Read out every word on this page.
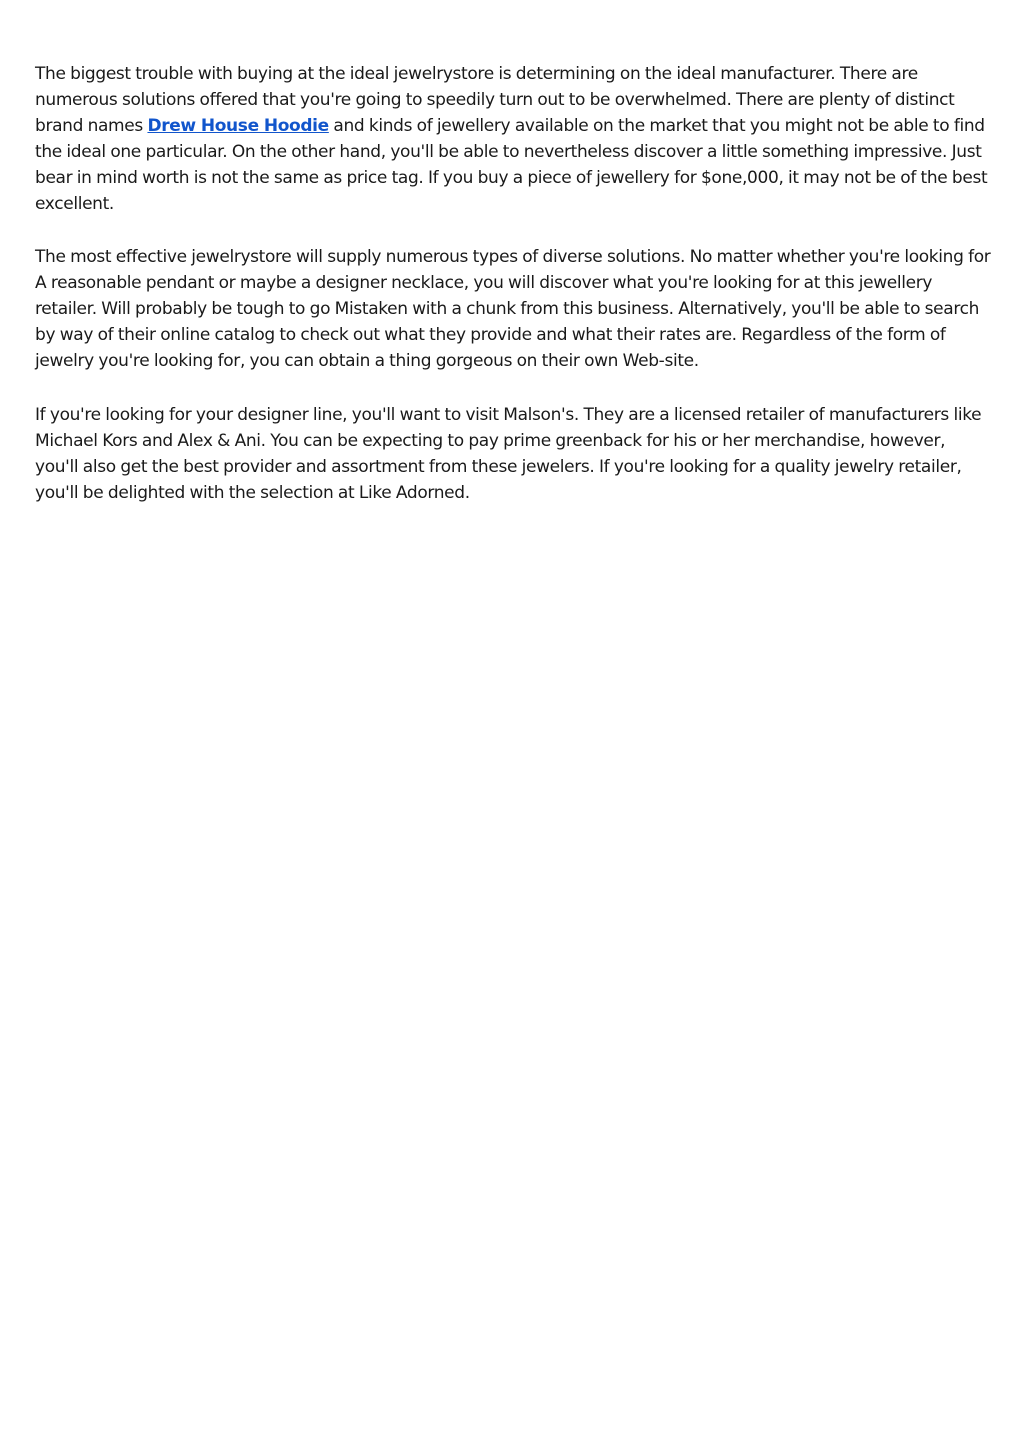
The biggest trouble with buying at the ideal jewelrystore is determining on the ideal manufacturer. There are numerous solutions offered that you're going to speedily turn out to be overwhelmed. There are plenty of distinct brand names Drew House Hoodie and kinds of jewellery available on the market that you might not be able to find the ideal one particular. On the other hand, you'll be able to nevertheless discover a little something impressive. Just bear in mind worth is not the same as price tag. If you buy a piece of jewellery for $one,000, it may not be of the best excellent.

The most effective jewelrystore will supply numerous types of diverse solutions. No matter whether you're looking for A reasonable pendant or maybe a designer necklace, you will discover what you're looking for at this jewellery retailer. Will probably be tough to go Mistaken with a chunk from this business. Alternatively, you'll be able to search by way of their online catalog to check out what they provide and what their rates are. Regardless of the form of jewelry you're looking for, you can obtain a thing gorgeous on their own Web-site.

If you're looking for your designer line, you'll want to visit Malson's. They are a licensed retailer of manufacturers like Michael Kors and Alex & Ani. You can be expecting to pay prime greenback for his or her merchandise, however, you'll also get the best provider and assortment from these jewelers. If you're looking for a quality jewelry retailer, you'll be delighted with the selection at Like Adorned.
